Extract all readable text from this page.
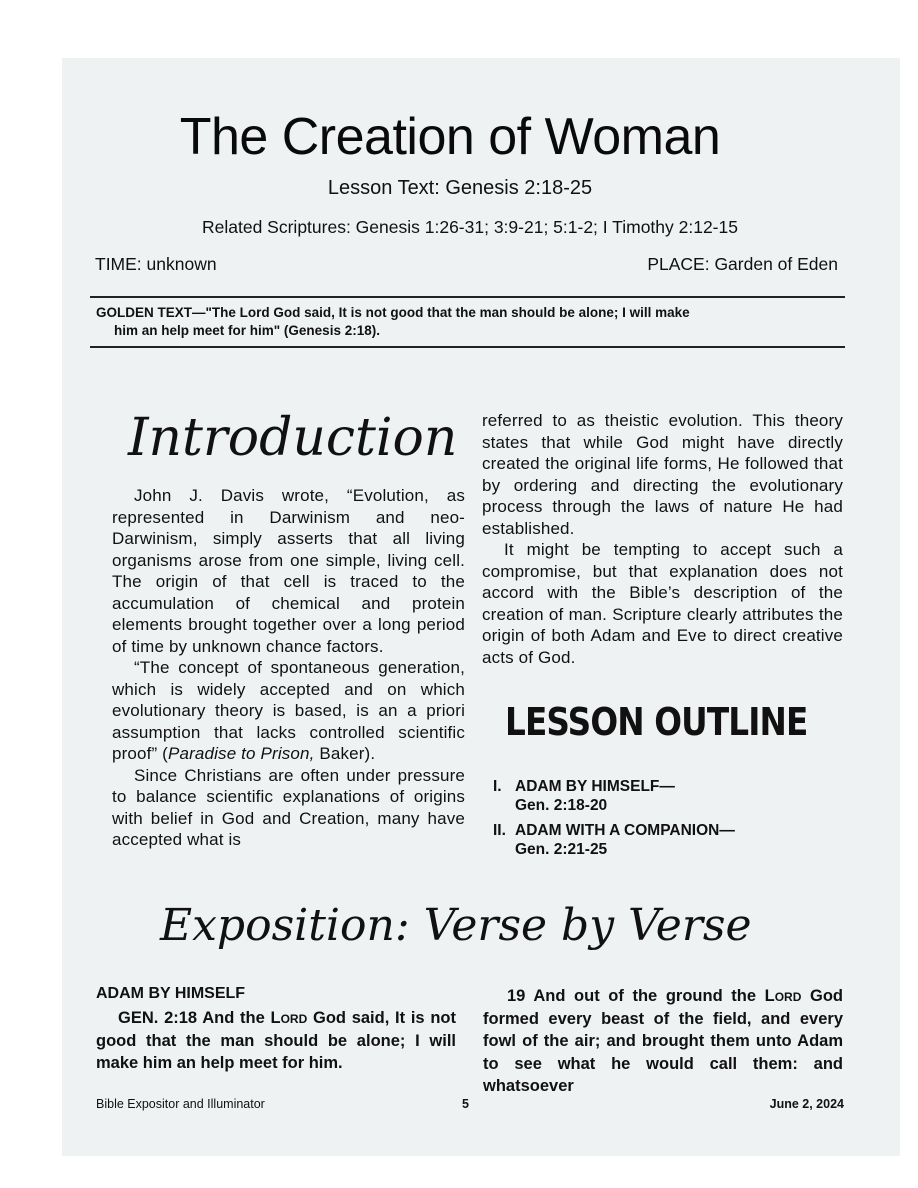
The Creation of Woman
Lesson Text: Genesis 2:18-25
Related Scriptures: Genesis 1:26-31; 3:9-21; 5:1-2; I Timothy 2:12-15
TIME: unknown	PLACE: Garden of Eden
GOLDEN TEXT—"The Lord God said, It is not good that the man should be alone; I will make
him an help meet for him" (Genesis 2:18).
Introduction

John J. Davis wrote, “Evolution, as represented in Darwinism and neo-Darwinism, simply asserts that all living organisms arose from one simple, living cell. The origin of that cell is traced to the accumulation of chemical and protein elements brought together over a long period of time by unknown chance factors.

“The concept of spontaneous generation, which is widely accepted and on which evolutionary theory is based, is an a priori assumption that lacks controlled scientific proof” (Paradise to Prison, Baker).

Since Christians are often under pressure to balance scientific explanations of origins with belief in God and Creation, many have accepted what is

referred to as theistic evolution. This theory states that while God might have directly created the original life forms, He followed that by ordering and directing the evolutionary process through the laws of nature He had established.

It might be tempting to accept such a compromise, but that explanation does not accord with the Bible’s description of the creation of man. Scripture clearly attributes the origin of both Adam and Eve to direct creative acts of God.

LESSON OUTLINE
I. ADAM BY HIMSELF—
Gen. 2:18-20
II. ADAM WITH A COMPANION—
Gen. 2:21-25
Exposition: Verse by Verse
ADAM BY HIMSELF
GEN. 2:18 And the Lord God said, It is not good that the man should be alone; I will make him an help meet for him.
19 And out of the ground the Lord God formed every beast of the field, and every fowl of the air; and brought them unto Adam to see what he would call them: and whatsoever
Bible Expositor and Illuminator	5	June 2, 2024
